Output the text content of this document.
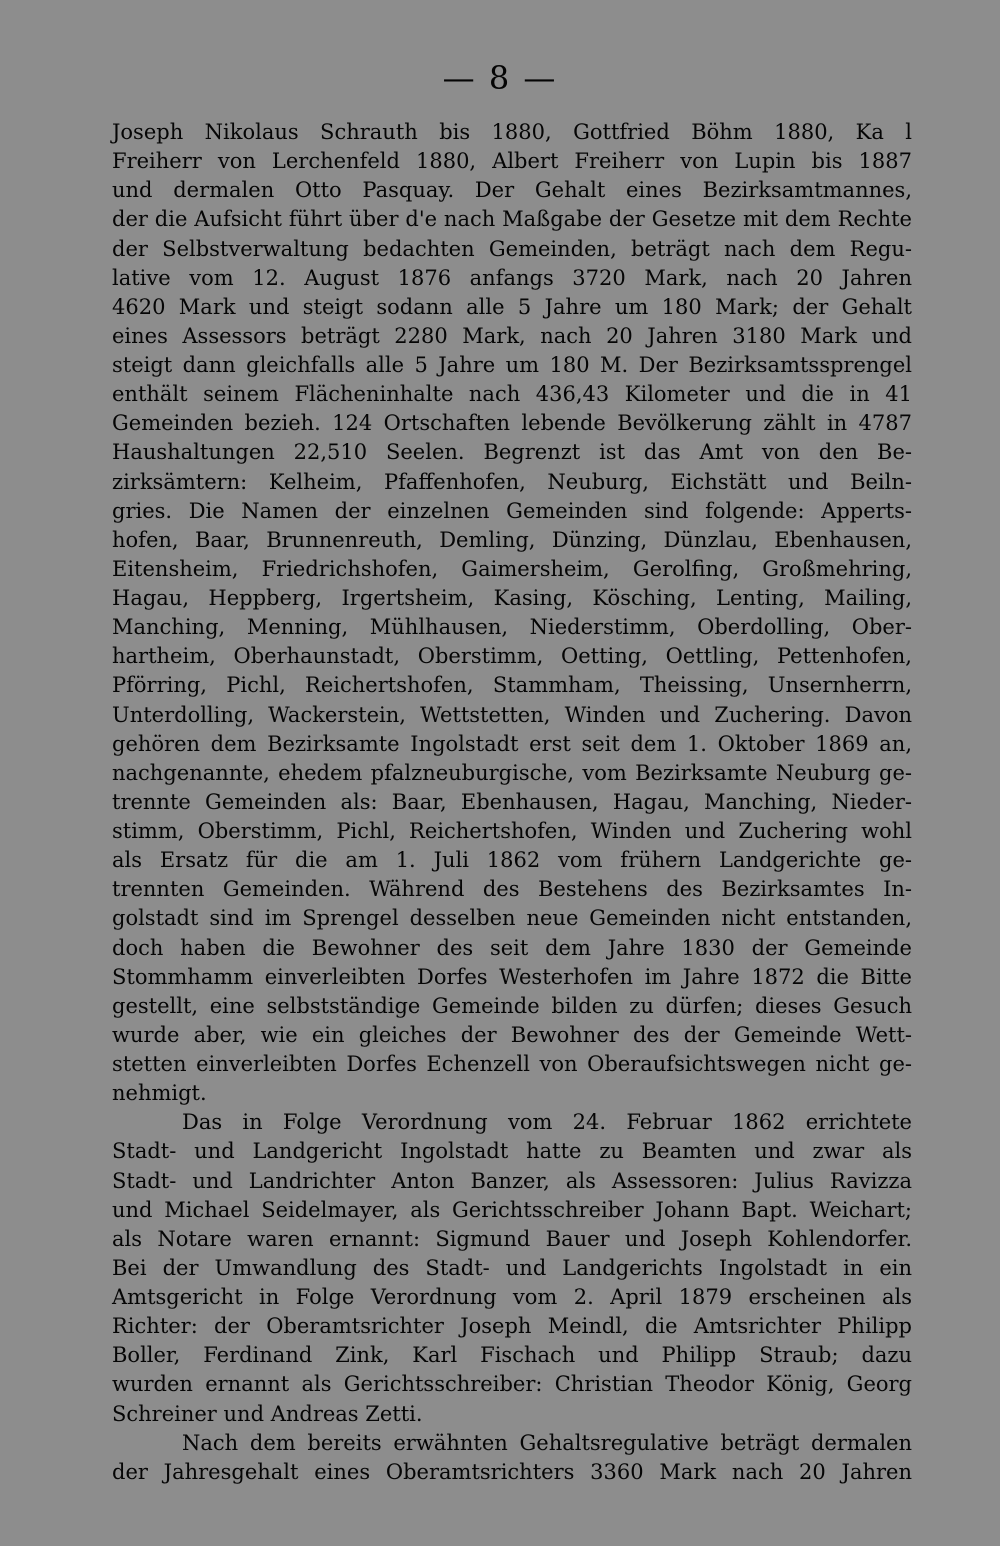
— 8 —
Joseph Nikolaus Schrauth bis 1880, Gottfried Böhm 1880, Ka l
Freiherr von Lerchenfeld 1880, Albert Freiherr von Lupin bis 1887
und dermalen Otto Pasquay. Der Gehalt eines Bezirksamtmannes,
der die Aufsicht führt über d'e nach Maßgabe der Gesetze mit dem Rechte
der Selbstverwaltung bedachten Gemeinden, beträgt nach dem Regu-
lative vom 12. August 1876 anfangs 3720 Mark, nach 20 Jahren
4620 Mark und steigt sodann alle 5 Jahre um 180 Mark; der Gehalt
eines Assessors beträgt 2280 Mark, nach 20 Jahren 3180 Mark und
steigt dann gleichfalls alle 5 Jahre um 180 M. Der Bezirksamtssprengel
enthält seinem Flächeninhalte nach 436,43 Kilometer und die in 41
Gemeinden bezieh. 124 Ortschaften lebende Bevölkerung zählt in 4787
Haushaltungen 22,510 Seelen. Begrenzt ist das Amt von den Be-
zirksämtern: Kelheim, Pfaffenhofen, Neuburg, Eichstätt und Beiln-
gries. Die Namen der einzelnen Gemeinden sind folgende: Apperts-
hofen, Baar, Brunnenreuth, Demling, Dünzing, Dünzlau, Ebenhausen,
Eitensheim, Friedrichshofen, Gaimersheim, Gerolfing, Großmehring,
Hagau, Heppberg, Irgertsheim, Kasing, Kösching, Lenting, Mailing,
Manching, Menning, Mühlhausen, Niederstimm, Oberdolling, Ober-
hartheim, Oberhaunstadt, Oberstimm, Oetting, Oettling, Pettenhofen,
Pförring, Pichl, Reichertshofen, Stammham, Theissing, Unsernherrn,
Unterdolling, Wackerstein, Wettstetten, Winden und Zuchering. Davon
gehören dem Bezirksamte Ingolstadt erst seit dem 1. Oktober 1869 an,
nachgenannte, ehedem pfalzneuburgische, vom Bezirksamte Neuburg ge-
trennte Gemeinden als: Baar, Ebenhausen, Hagau, Manching, Nieder-
stimm, Oberstimm, Pichl, Reichertshofen, Winden und Zuchering wohl
als Ersatz für die am 1. Juli 1862 vom frühern Landgerichte ge-
trennten Gemeinden. Während des Bestehens des Bezirksamtes In-
golstadt sind im Sprengel desselben neue Gemeinden nicht entstanden,
doch haben die Bewohner des seit dem Jahre 1830 der Gemeinde
Stommhamm einverleibten Dorfes Westerhofen im Jahre 1872 die Bitte
gestellt, eine selbstständige Gemeinde bilden zu dürfen; dieses Gesuch
wurde aber, wie ein gleiches der Bewohner des der Gemeinde Wett-
stetten einverleibten Dorfes Echenzell von Oberaufsichtswegen nicht ge-
nehmigt.
Das in Folge Verordnung vom 24. Februar 1862 errichtete
Stadt- und Landgericht Ingolstadt hatte zu Beamten und zwar als
Stadt- und Landrichter Anton Banzer, als Assessoren: Julius Ravizza
und Michael Seidelmayer, als Gerichtsschreiber Johann Bapt. Weichart;
als Notare waren ernannt: Sigmund Bauer und Joseph Kohlendorfer.
Bei der Umwandlung des Stadt- und Landgerichts Ingolstadt in ein
Amtsgericht in Folge Verordnung vom 2. April 1879 erscheinen als
Richter: der Oberamtsrichter Joseph Meindl, die Amtsrichter Philipp
Boller, Ferdinand Zink, Karl Fischach und Philipp Straub; dazu
wurden ernannt als Gerichtsschreiber: Christian Theodor König, Georg
Schreiner und Andreas Zetti.
Nach dem bereits erwähnten Gehaltsregulative beträgt dermalen
der Jahresgehalt eines Oberamtsrichters 3360 Mark nach 20 Jahren
